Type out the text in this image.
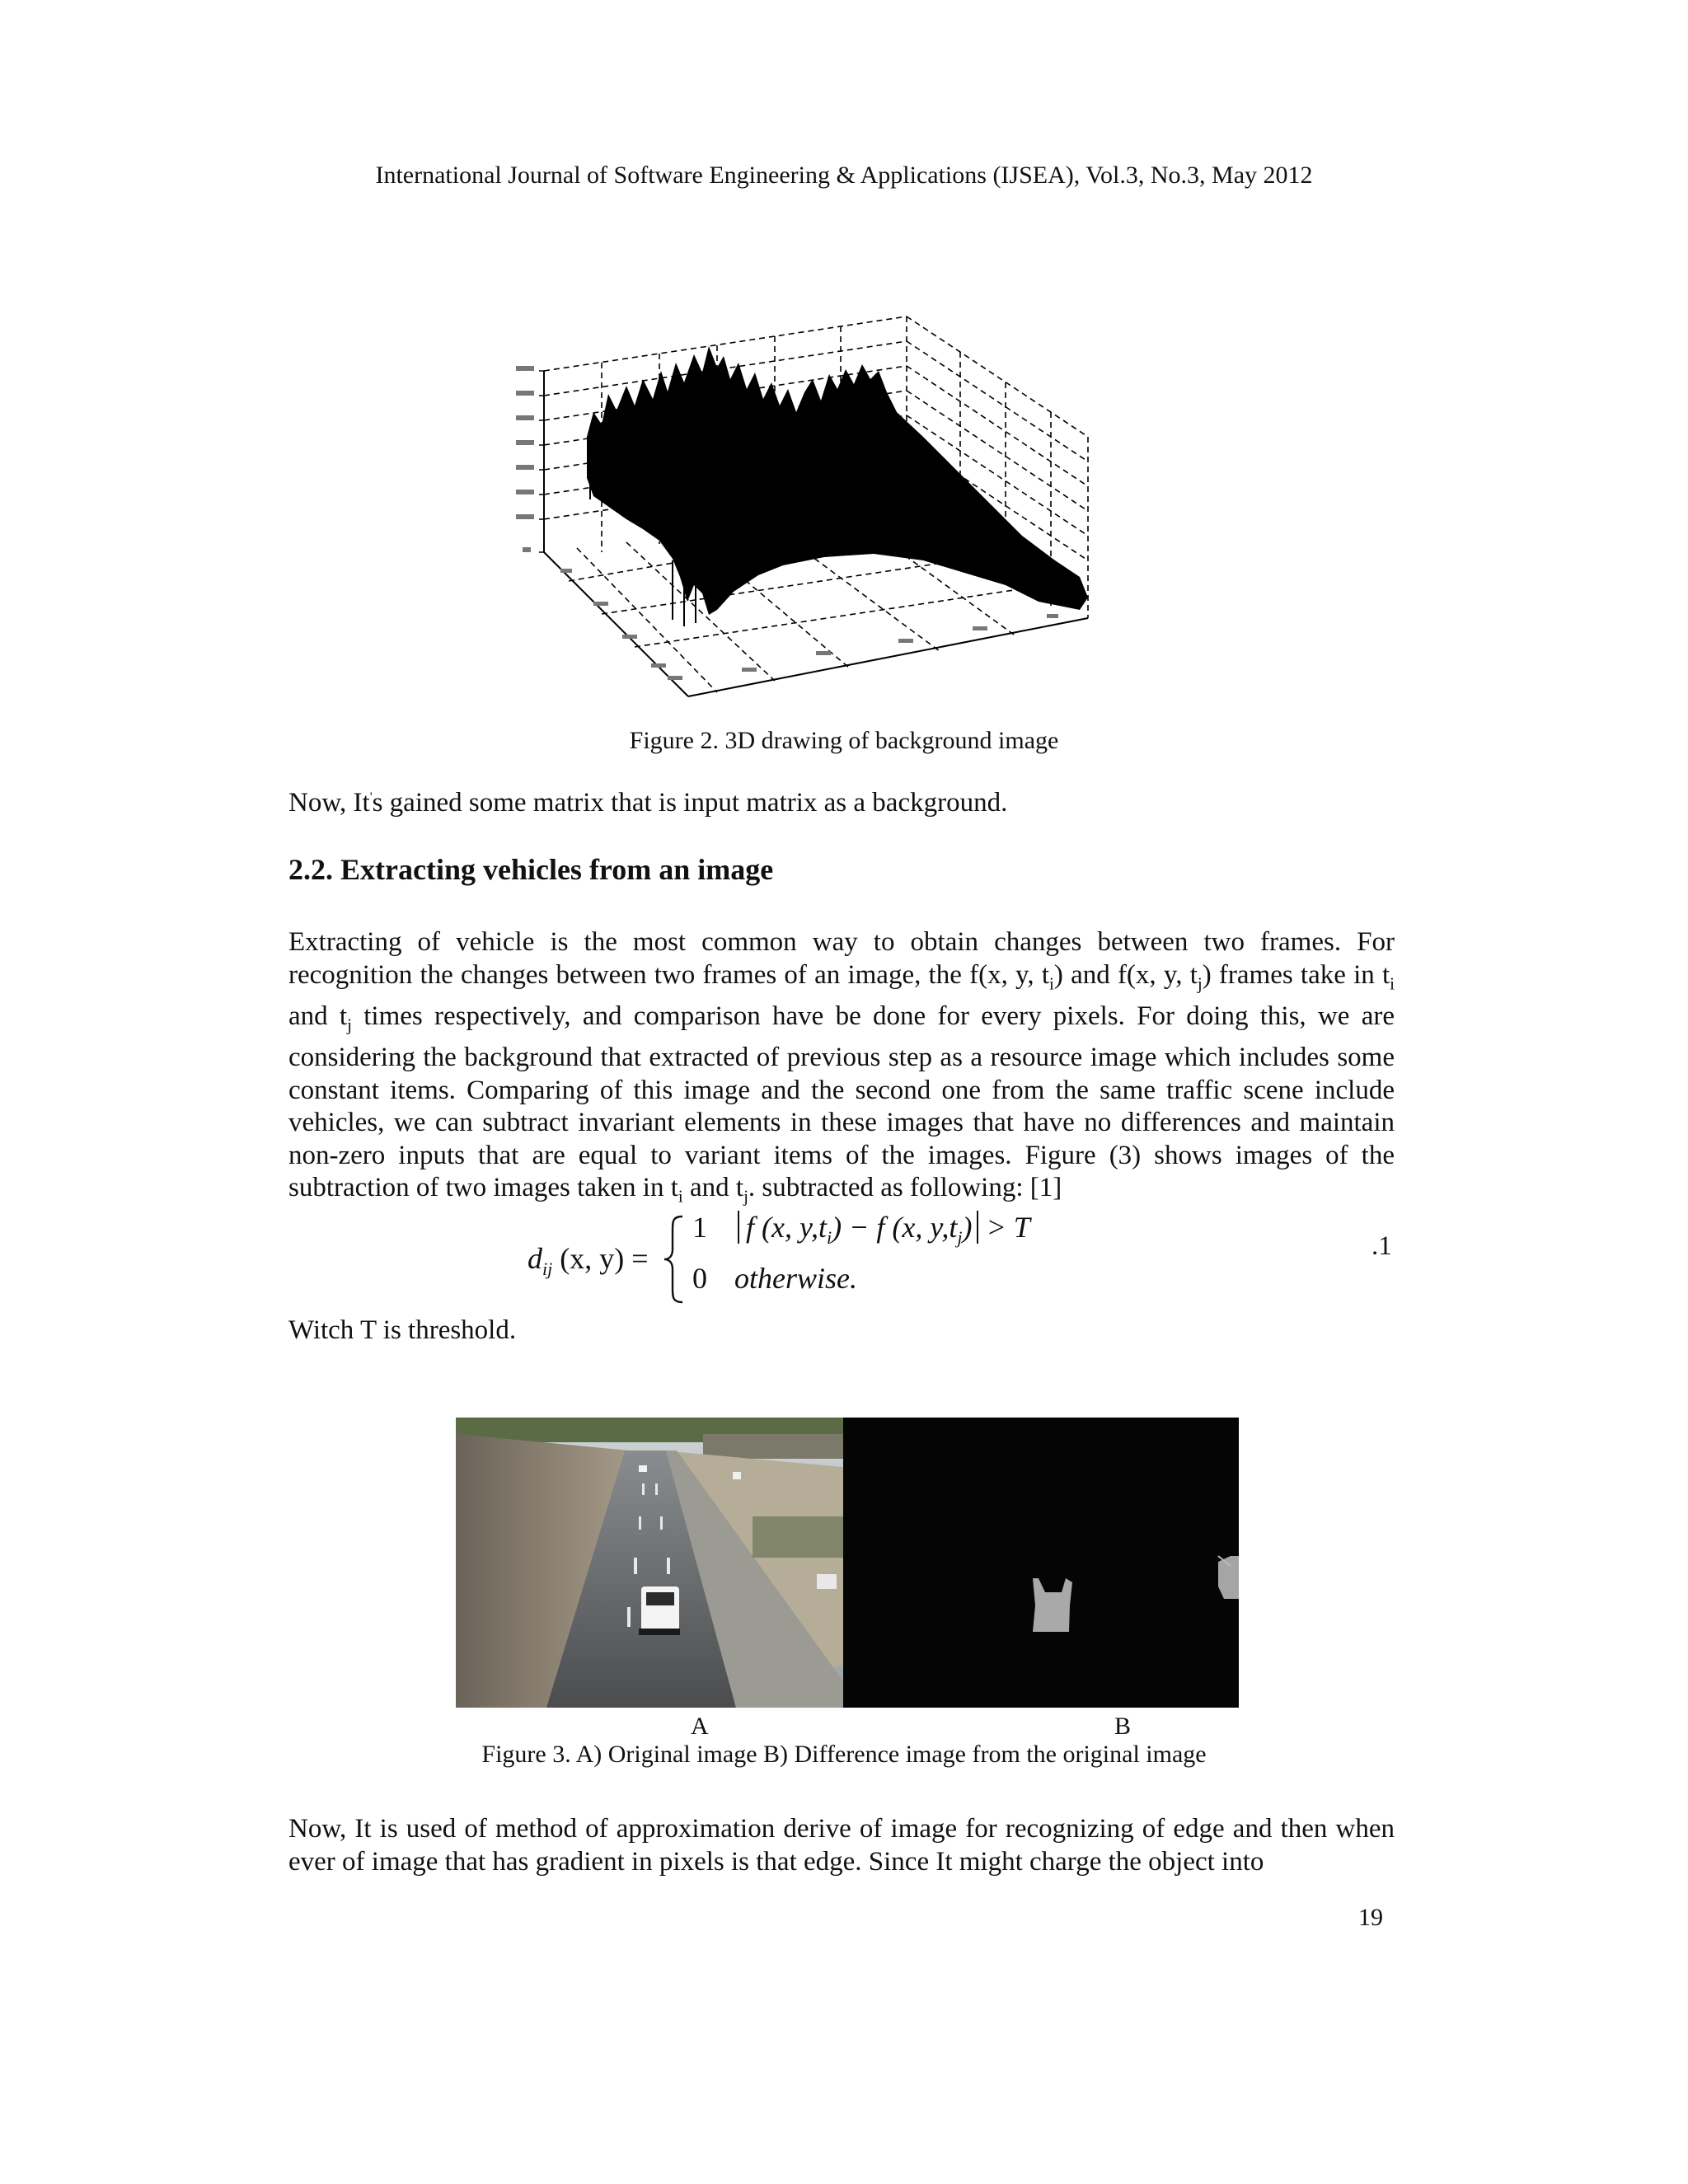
International Journal of Software Engineering & Applications (IJSEA), Vol.3, No.3, May 2012
Figure 2. 3D drawing of background image
Now, It's gained some matrix that is input matrix as a background.
2.2. Extracting vehicles from an image
Extracting of vehicle is the most common way to obtain changes between two frames. For recognition the changes between two frames of an image, the f(x, y, $t_i$) and f(x, y, $t_j$) frames take in $t_i$ and $t_j$ times respectively, and comparison have be done for every pixels. For doing this, we are considering the background that extracted of previous step as a resource image which includes some constant items. Comparing of this image and the second one from the same traffic scene include vehicles, we can subtract invariant elements in these images that have no differences and maintain non-zero inputs that are equal to variant items of the images. Figure (3) shows images of the subtraction of two images taken in $t_i$ and $t_j$. subtracted as following: [1]
$d_{ij}$ (x, y) =
1 f (x, $y,t_i) - f$ (x, $y,t_j) > T$
0 otherwise.
.1
Witch T is threshold.
A	B
Figure 3. A) Original image B) Difference image from the original image
Now, It is used of method of approximation derive of image for recognizing of edge and then when ever of image that has gradient in pixels is that edge. Since It might charge the object into
19
